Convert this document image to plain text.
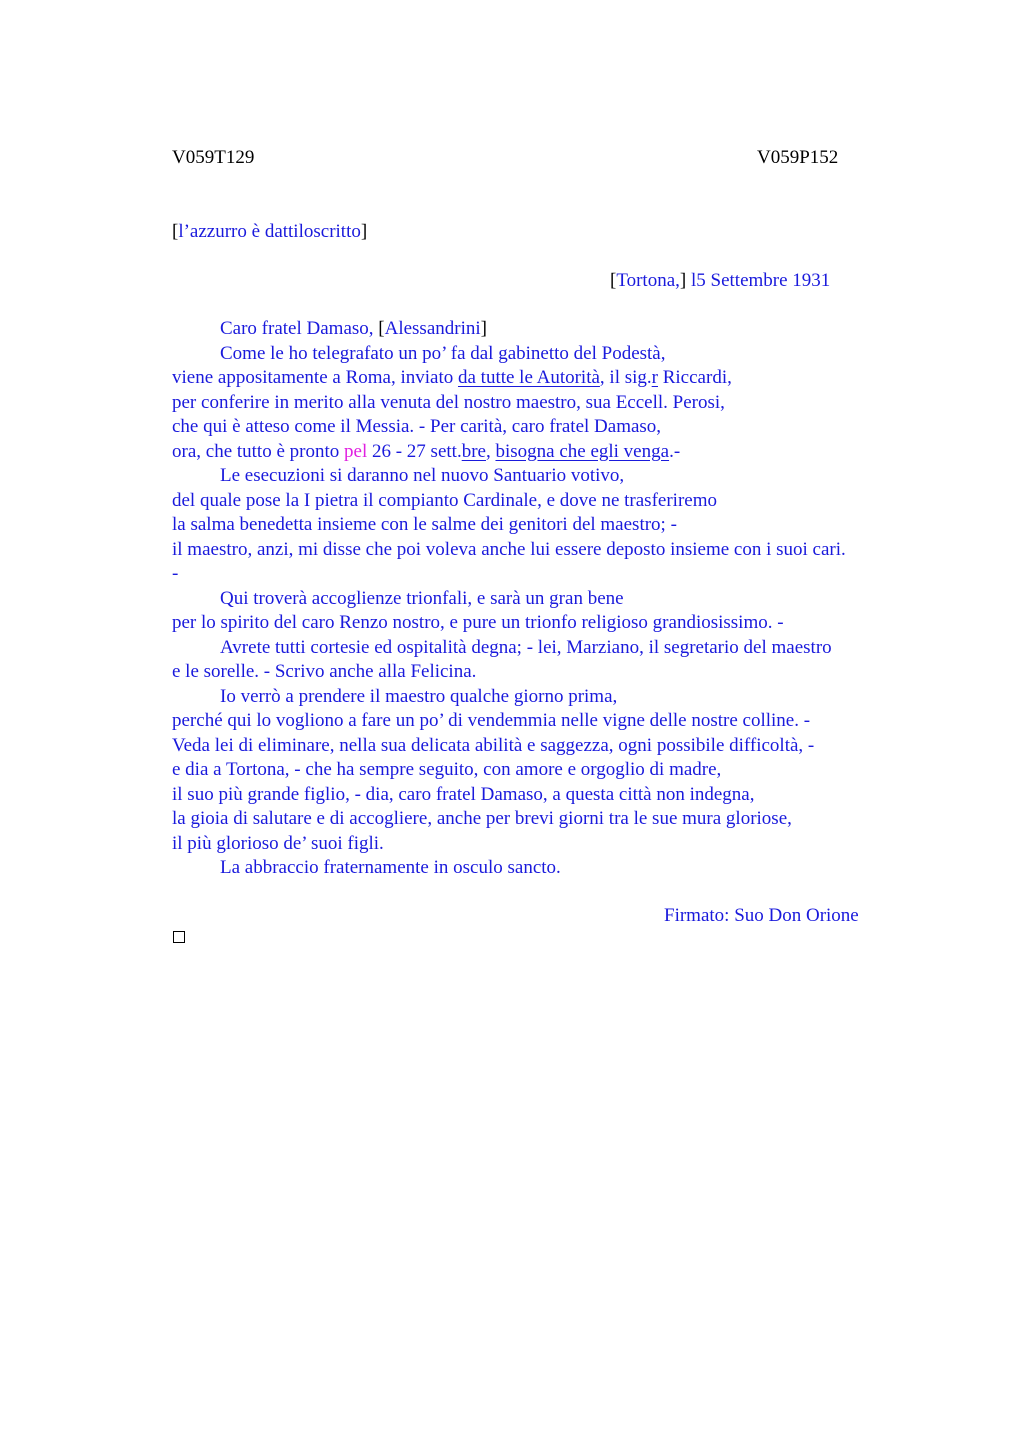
V059T129	V059P152
[l’azzurro è dattiloscritto]
[Tortona,] l5 Settembre 1931
Caro fratel Damaso, [Alessandrini]
Come le ho telegrafato un po’ fa dal gabinetto del Podestà,
viene appositamente a Roma, inviato da tutte le Autorità, il sig.r Riccardi,
per conferire in merito alla venuta del nostro maestro, sua Eccell. Perosi,
che qui è atteso come il Messia. - Per carità, caro fratel Damaso,
ora, che tutto è pronto pel 26 - 27 sett.bre, bisogna che egli venga.-
Le esecuzioni si daranno nel nuovo Santuario votivo,
del quale pose la I pietra il compianto Cardinale, e dove ne trasferiremo
la salma benedetta insieme con le salme dei genitori del maestro; -
il maestro, anzi, mi disse che poi voleva anche lui essere deposto insieme con i suoi cari.
-
Qui troverà accoglienze trionfali, e sarà un gran bene
per lo spirito del caro Renzo nostro, e pure un trionfo religioso grandiosissimo. -
Avrete tutti cortesie ed ospitalità degna; - lei, Marziano, il segretario del maestro
e le sorelle. - Scrivo anche alla Felicina.
Io verrò a prendere il maestro qualche giorno prima,
perché qui lo vogliono a fare un po’ di vendemmia nelle vigne delle nostre colline. -
Veda lei di eliminare, nella sua delicata abilità e saggezza, ogni possibile difficoltà, -
e dia a Tortona, - che ha sempre seguito, con amore e orgoglio di madre,
il suo più grande figlio, - dia, caro fratel Damaso, a questa città non indegna,
la gioia di salutare e di accogliere, anche per brevi giorni tra le sue mura gloriose,
il più glorioso de’ suoi figli.
La abbraccio fraternamente in osculo sancto.
Firmato: Suo Don Orione
